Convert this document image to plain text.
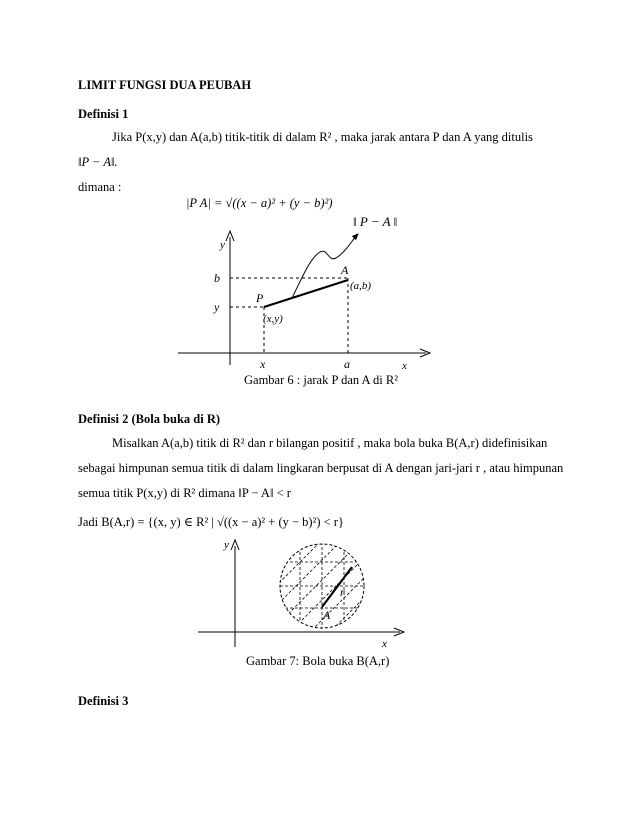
LIMIT FUNGSI DUA PEUBAH
Definisi 1
Jika P(x,y) dan A(a,b) titik-titik di dalam R² , maka jarak antara P dan A yang ditulis
‖P − A‖.
dimana :
|P A| = √((x − a)² + (y − b)²)
‖ P − A ‖
y
b
y
P
A
(x,y)
(a,b)
x	a	x
Gambar 6 : jarak P dan A di R²
Definisi 2 (Bola buka di R)
Misalkan A(a,b) titik di R² dan r bilangan positif , maka bola buka B(A,r) didefinisikan
sebagai himpunan semua titik di dalam lingkaran berpusat di A dengan jari-jari r , atau himpunan
semua titik P(x,y) di R² dimana ‖P − A‖ < r
Jadi B(A,r) = {(x, y) ∈ R² | √((x − a)² + (y − b)²) < r}
r
A
y
x
Gambar 7: Bola buka B(A,r)
Definisi 3
